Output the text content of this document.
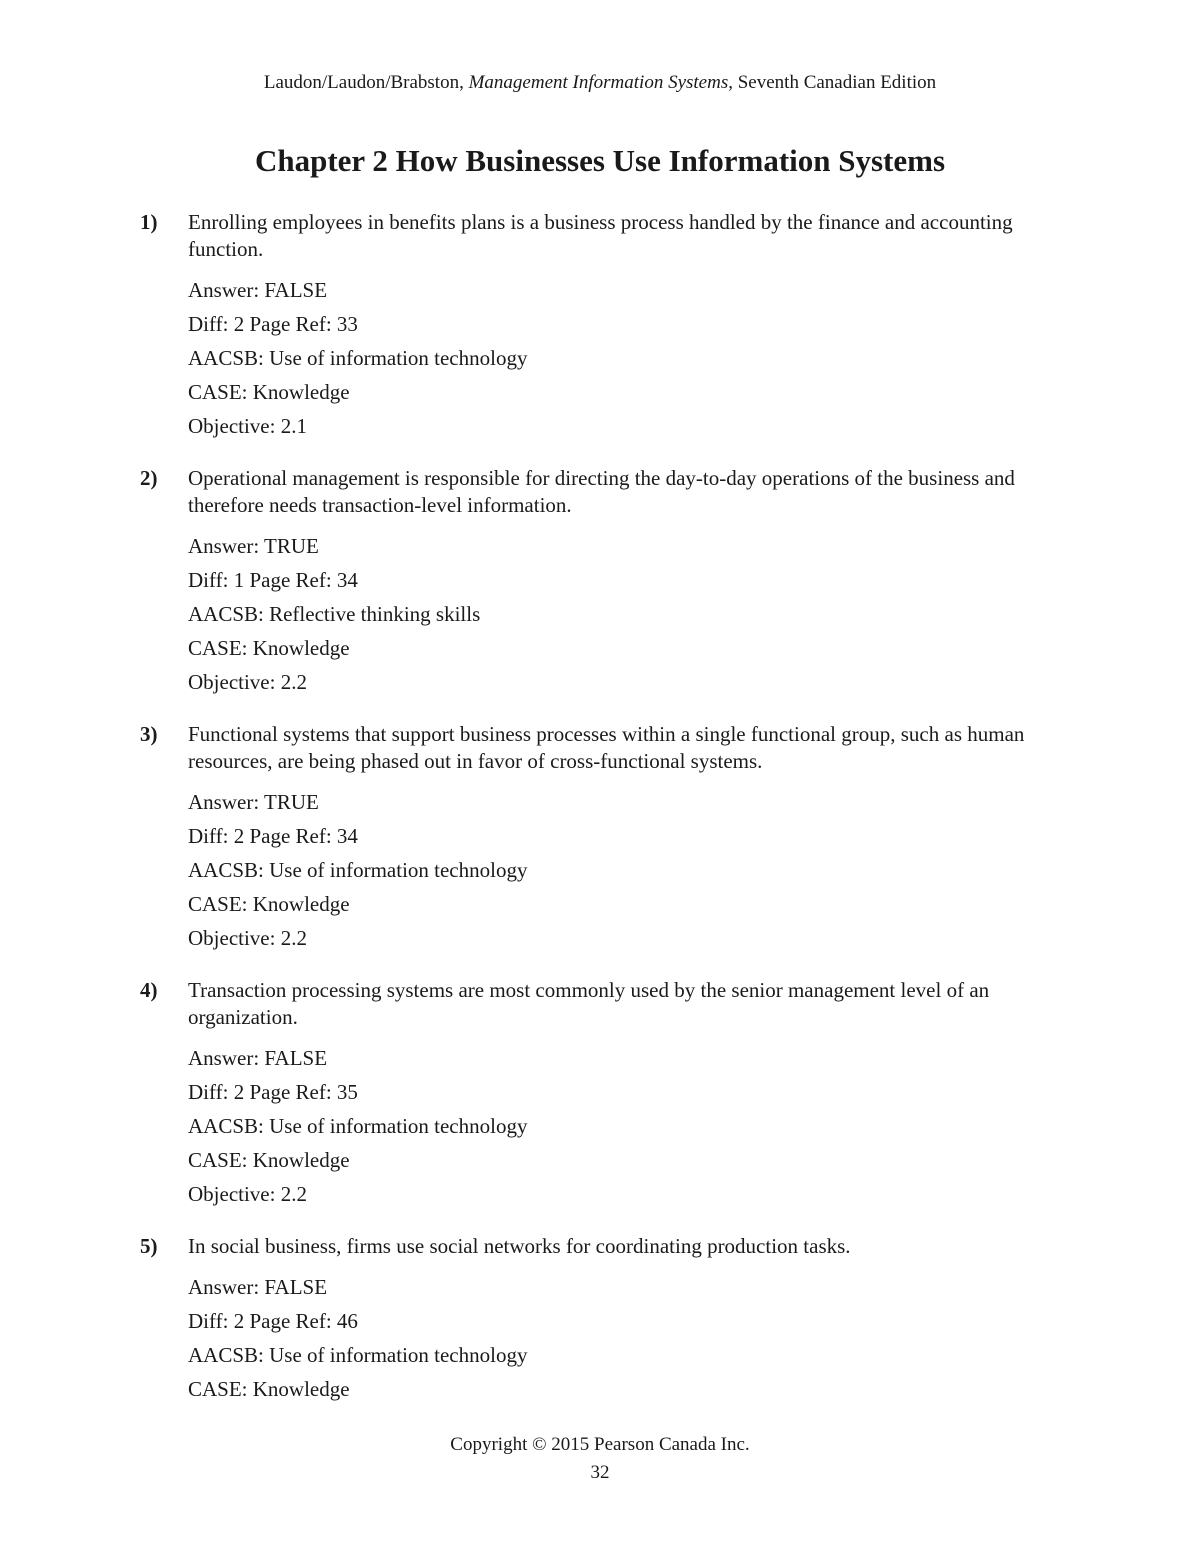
Laudon/Laudon/Brabston, Management Information Systems, Seventh Canadian Edition
Chapter 2 How Businesses Use Information Systems
1) Enrolling employees in benefits plans is a business process handled by the finance and accounting function.

Answer: FALSE

Diff: 2 Page Ref: 33

AACSB: Use of information technology

CASE: Knowledge

Objective: 2.1

2) Operational management is responsible for directing the day-to-day operations of the business and therefore needs transaction-level information.

Answer: TRUE

Diff: 1 Page Ref: 34

AACSB: Reflective thinking skills

CASE: Knowledge

Objective: 2.2

3) Functional systems that support business processes within a single functional group, such as human resources, are being phased out in favor of cross-functional systems.

Answer: TRUE

Diff: 2 Page Ref: 34

AACSB: Use of information technology

CASE: Knowledge

Objective: 2.2

4) Transaction processing systems are most commonly used by the senior management level of an organization.

Answer: FALSE

Diff: 2 Page Ref: 35

AACSB: Use of information technology

CASE: Knowledge

Objective: 2.2

5) In social business, firms use social networks for coordinating production tasks.

Answer: FALSE

Diff: 2 Page Ref: 46

AACSB: Use of information technology

CASE: Knowledge

Copyright © 2015 Pearson Canada Inc.
32
